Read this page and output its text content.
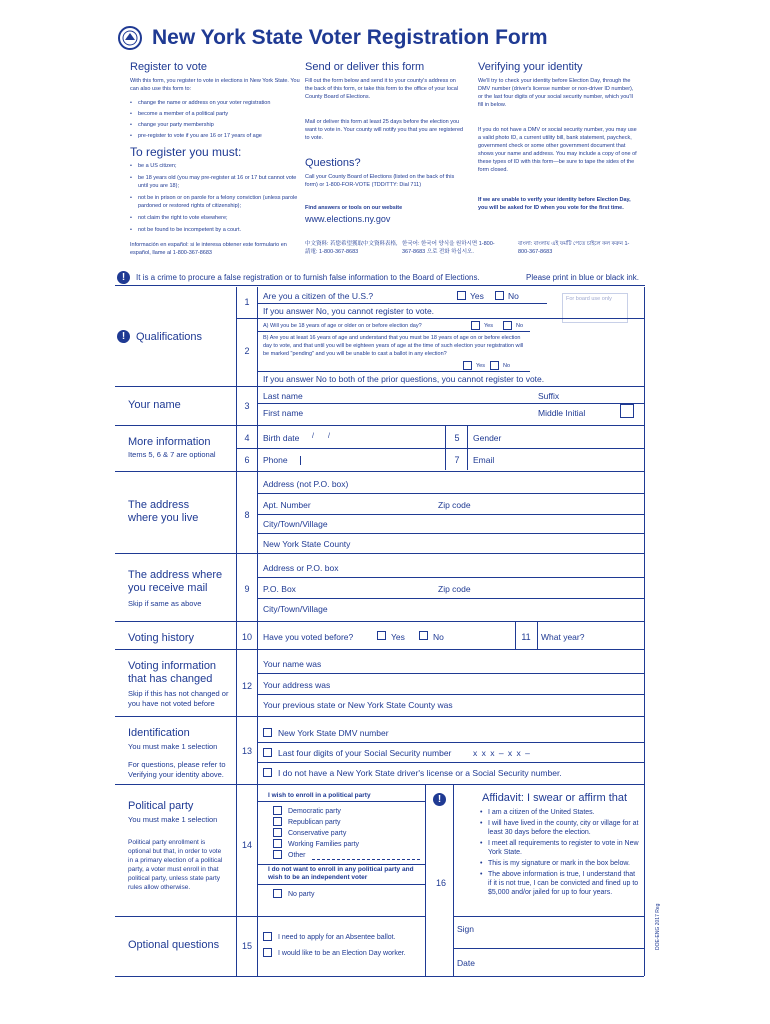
New York State Voter Registration Form
Register to vote
With this form, you register to vote in elections in New York State. You can also use this form to:
• change the name or address on your voter registration
• become a member of a political party
• change your party membership
• pre-register to vote if you are 16 or 17 years of age
To register you must:
• be a US citizen;
• be 18 years old (you may pre-register at 16 or 17 but cannot vote until you are 18);
• not be in prison or on parole for a felony conviction (unless parole pardoned or restored rights of citizenship);
• not claim the right to vote elsewhere;
• not be found to be incompetent by a court.
Información en español: si le interesa obtener este formulario en español, llame al 1-800-367-8683
Send or deliver this form
Fill out the form below and send it to your county's address on the back of this form, or take this form to the office of your local County Board of Elections.
Mail or deliver this form at least 25 days before the election you want to vote in. Your county will notify you that you are registered to vote.
Questions?
Call your County Board of Elections (listed on the back of this form) or 1-800-FOR-VOTE (TDD/TTY: Dial 711)
Find answers or tools on our website
www.elections.ny.gov
中文資料: 若您希望獲取中文資料表格, 請電: 1-800-367-8683
한국어: 한국어 양식을 원하시면 1-800-367-8683 으로 전화 하십시오.
Verifying your identity
We'll try to check your identity before Election Day, through the DMV number (driver's license number or non-driver ID number), or the last four digits of your social security number, which you'll fill in below.
If you do not have a DMV or social security number, you may use a valid photo ID, a current utility bill, bank statement, paycheck, government check or some other government document that shows your name and address. You may include a copy of one of these types of ID with this form—be sure to tape the sides of the form closed.
If we are unable to verify your identity before Election Day, you will be asked for ID when you vote for the first time.
বাংলা: বাংলায় এই ফর্মটি পেতে চাইলে কল করুন 1-800-367-8683
!	It is a crime to procure a false registration or to furnish false information to the Board of Elections.	Please print in blue or black ink.
! Qualifications
1
Are you a citizen of the U.S.?	Yes	No	For board use only
If you answer No, you cannot register to vote.
2
A) Will you be 18 years of age or older on or before election day?	Yes	No
B) Are you at least 16 years of age and understand that you must be 18 years of age on or before election day to vote, and that until you will be eighteen years of age at the time of such election your registration will be marked "pending" and you will be unable to cast a ballot in any election?
Yes	No
If you answer No to both of the prior questions, you cannot register to vote.
Your name	3
Last name	Suffix
First name	Middle Initial
More information
Items 5, 6 & 7 are optional
4	Birth date //	5	Gender
6	Phone	7	Email
The address where you live	8
Address (not P.O. box)
Apt. Number	Zip code
City/Town/Village
New York State County
The address where you receive mail
Skip if same as above
9
Address or P.O. box
P.O. Box	Zip code
City/Town/Village
Voting history	10	Have you voted before?	Yes	No	11	What year?
Voting information that has changed
Skip if this has not changed or you have not voted before
12
Your name was
Your address was
Your previous state or New York State County was
Identification
You must make 1 selection
For questions, please refer to Verifying your identity above.
13
New York State DMV number
Last four digits of your Social Security number	x x x – x x –
I do not have a New York State driver's license or a Social Security number.
Political party
You must make 1 selection
Political party enrollment is optional but that, in order to vote in a primary election of a political party, a voter must enroll in that political party, unless state party rules allow otherwise.
14
I wish to enroll in a political party
Democratic party
Republican party
Conservative party
Working Families party
Other
I do not want to enroll in any political party and wish to be an independent voter
No party
!
16
Affidavit: I swear or affirm that
• I am a citizen of the United States.
• I will have lived in the county, city or village for at least 30 days before the election.
• I meet all requirements to register to vote in New York State.
• This is my signature or mark in the box below.
• The above information is true, I understand that if it is not true, I can be convicted and fined up to $5,000 and/or jailed for up to four years.
Optional questions	15
I need to apply for an Absentee ballot.
I would like to be an Election Day worker.
Sign
Date
DOE-ENG 2017 Reg
